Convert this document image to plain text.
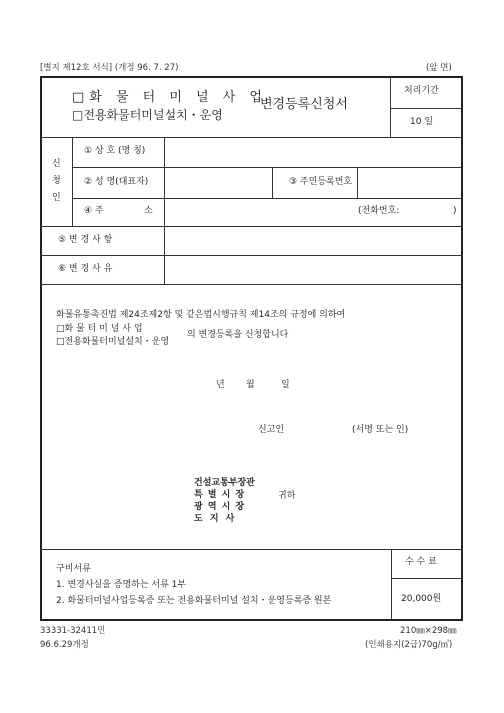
[별지 제12호 서식] (개정 96. 7. 27)	(앞 면)
□화 물 터 미 널 사 업
□전용화물터미널설치・운영
변경등록신청서
처리기간
10 일
신
청
인
① 상 호 (명 칭)
② 성 명(대표자)	③ 주민등록번호
④ 주	소	(전화번호:	)
⑤ 변 경 사 항
⑥ 변 경 사 유
화물유통촉진법 제24조제2항 및 같은법시행규칙 제14조의 규정에 의하여
□화 물 터 미 널 사 업
□전용화물터미널설치・운영
의 변경등록을 신청합니다
년 월	일
신고인	(서명 또는 인)
건설교통부장관
특 별 시 장
광 역 시 장
도 지 사
귀하
구비서류
1. 변경사실을 증명하는 서류 1부
2. 화물터미널사업등록증 또는 전용화물터미널 설치・운영등록증 원본
수 수 료
20,000원
33331-32411민	210㎜×298㎜
96.6.29개정	(인쇄용지(2급)70g/㎡)
